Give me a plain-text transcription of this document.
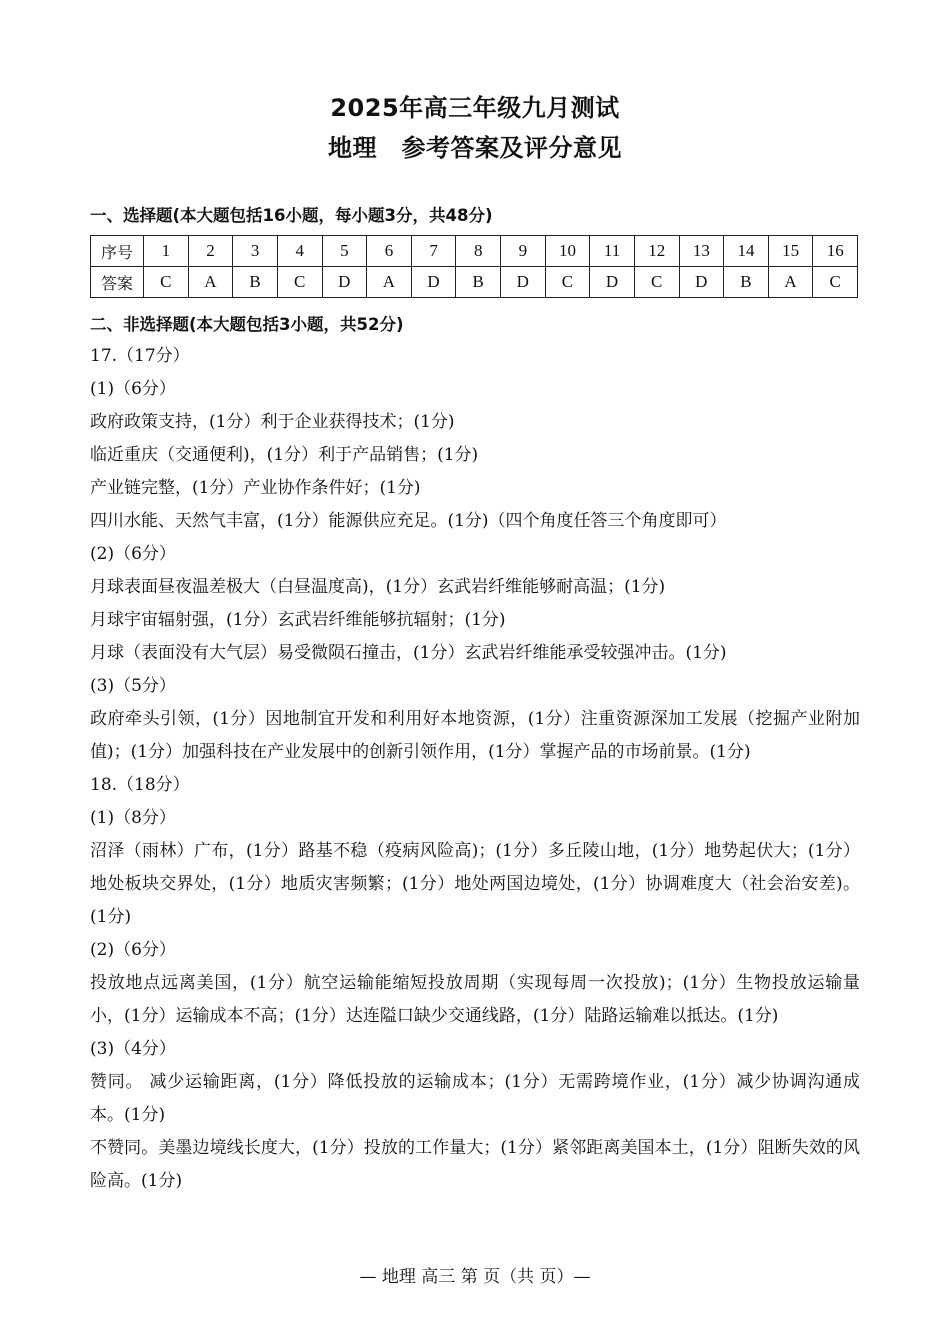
2025年高三年级九月测试
地理　参考答案及评分意见
一、选择题(本大题包括16小题，每小题3分，共48分)
序号	1	2	3	4	5	6	7	8	9	10	11	12	13	14	15	16
答案	C	A	B	C	D	A	D	B	D	C	D	C	D	B	A	C
二、非选择题(本大题包括3小题，共52分)

17.（17分）

(1)（6分）

政府政策支持，(1分）利于企业获得技术；(1分)

临近重庆（交通便利)，(1分）利于产品销售；(1分)

产业链完整，(1分）产业协作条件好；(1分)

四川水能、天然气丰富，(1分）能源供应充足。(1分)（四个角度任答三个角度即可）

(2)（6分）

月球表面昼夜温差极大（白昼温度高)，(1分）玄武岩纤维能够耐高温；(1分)

月球宇宙辐射强，(1分）玄武岩纤维能够抗辐射；(1分)

月球（表面没有大气层）易受微陨石撞击，(1分）玄武岩纤维能承受较强冲击。(1分)

(3)（5分）

政府牵头引领，(1分）因地制宜开发和利用好本地资源，(1分）注重资源深加工发展（挖掘产业附加值)；(1分）加强科技在产业发展中的创新引领作用，(1分）掌握产品的市场前景。(1分)

18.（18分）

(1)（8分）

沼泽（雨林）广布，(1分）路基不稳（疫病风险高)；(1分）多丘陵山地，(1分）地势起伏大；(1分）地处板块交界处，(1分）地质灾害频繁；(1分）地处两国边境处，(1分）协调难度大（社会治安差)。(1分)

(2)（6分）

投放地点远离美国，(1分）航空运输能缩短投放周期（实现每周一次投放)；(1分）生物投放运输量小，(1分）运输成本不高；(1分）达连隘口缺少交通线路，(1分）陆路运输难以抵达。(1分)

(3)（4分）

赞同。 减少运输距离，(1分）降低投放的运输成本；(1分）无需跨境作业，(1分）减少协调沟通成本。(1分)

不赞同。美墨边境线长度大，(1分）投放的工作量大；(1分）紧邻距离美国本土，(1分）阻断失效的风险高。(1分)

— 地理 高三 第 页（共 页）—
